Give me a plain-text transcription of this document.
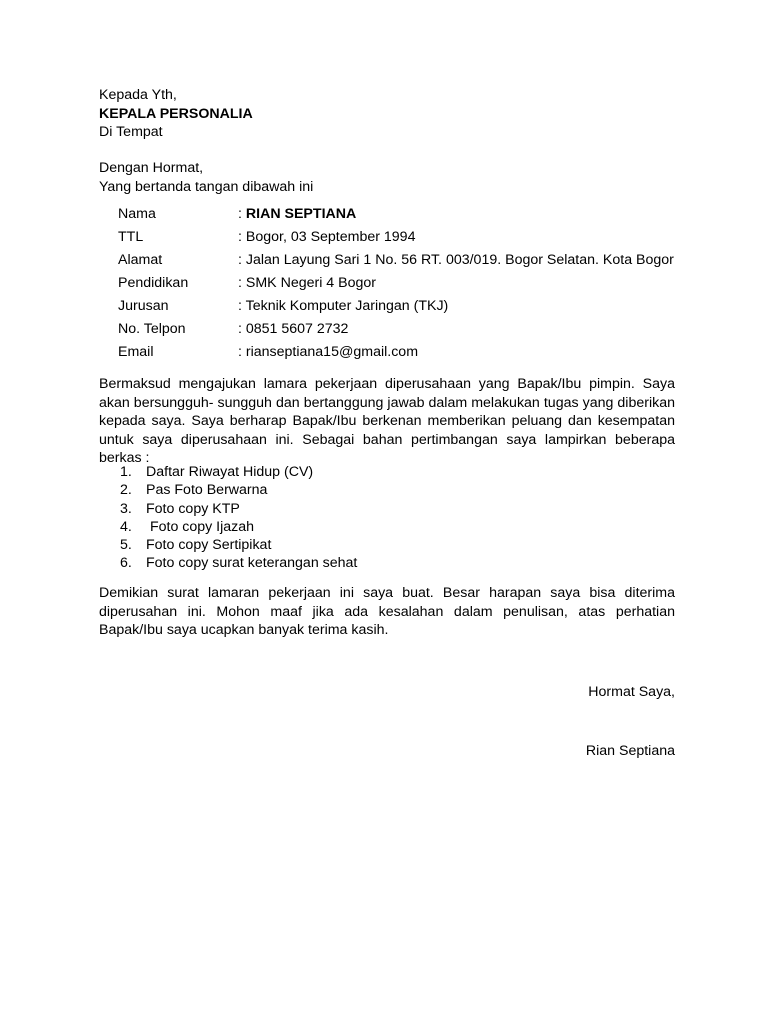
Kepada Yth,
KEPALA PERSONALIA
Di Tempat
Dengan Hormat,
Yang bertanda tangan dibawah ini
Nama	: RIAN SEPTIANA
TTL	: Bogor, 03 September 1994
Alamat	: Jalan Layung Sari 1 No. 56 RT. 003/019. Bogor Selatan. Kota Bogor
Pendidikan	: SMK Negeri 4 Bogor
Jurusan	: Teknik Komputer Jaringan (TKJ)
No. Telpon	: 0851 5607 2732
Email	: rianseptiana15@gmail.com
Bermaksud mengajukan lamara pekerjaan diperusahaan yang Bapak/Ibu pimpin. Saya akan bersungguh- sungguh dan bertanggung jawab dalam melakukan tugas yang diberikan kepada saya. Saya berharap Bapak/Ibu berkenan memberikan peluang dan kesempatan untuk saya diperusahaan ini. Sebagai bahan pertimbangan saya lampirkan beberapa berkas :
1. Daftar Riwayat Hidup (CV)
2. Pas Foto Berwarna
3. Foto copy KTP
4. Foto copy Ijazah
5. Foto copy Sertipikat
6. Foto copy surat keterangan sehat
Demikian surat lamaran pekerjaan ini saya buat. Besar harapan saya bisa diterima diperusahan ini. Mohon maaf jika ada kesalahan dalam penulisan, atas perhatian Bapak/Ibu saya ucapkan banyak terima kasih.
Hormat Saya,
Rian Septiana
